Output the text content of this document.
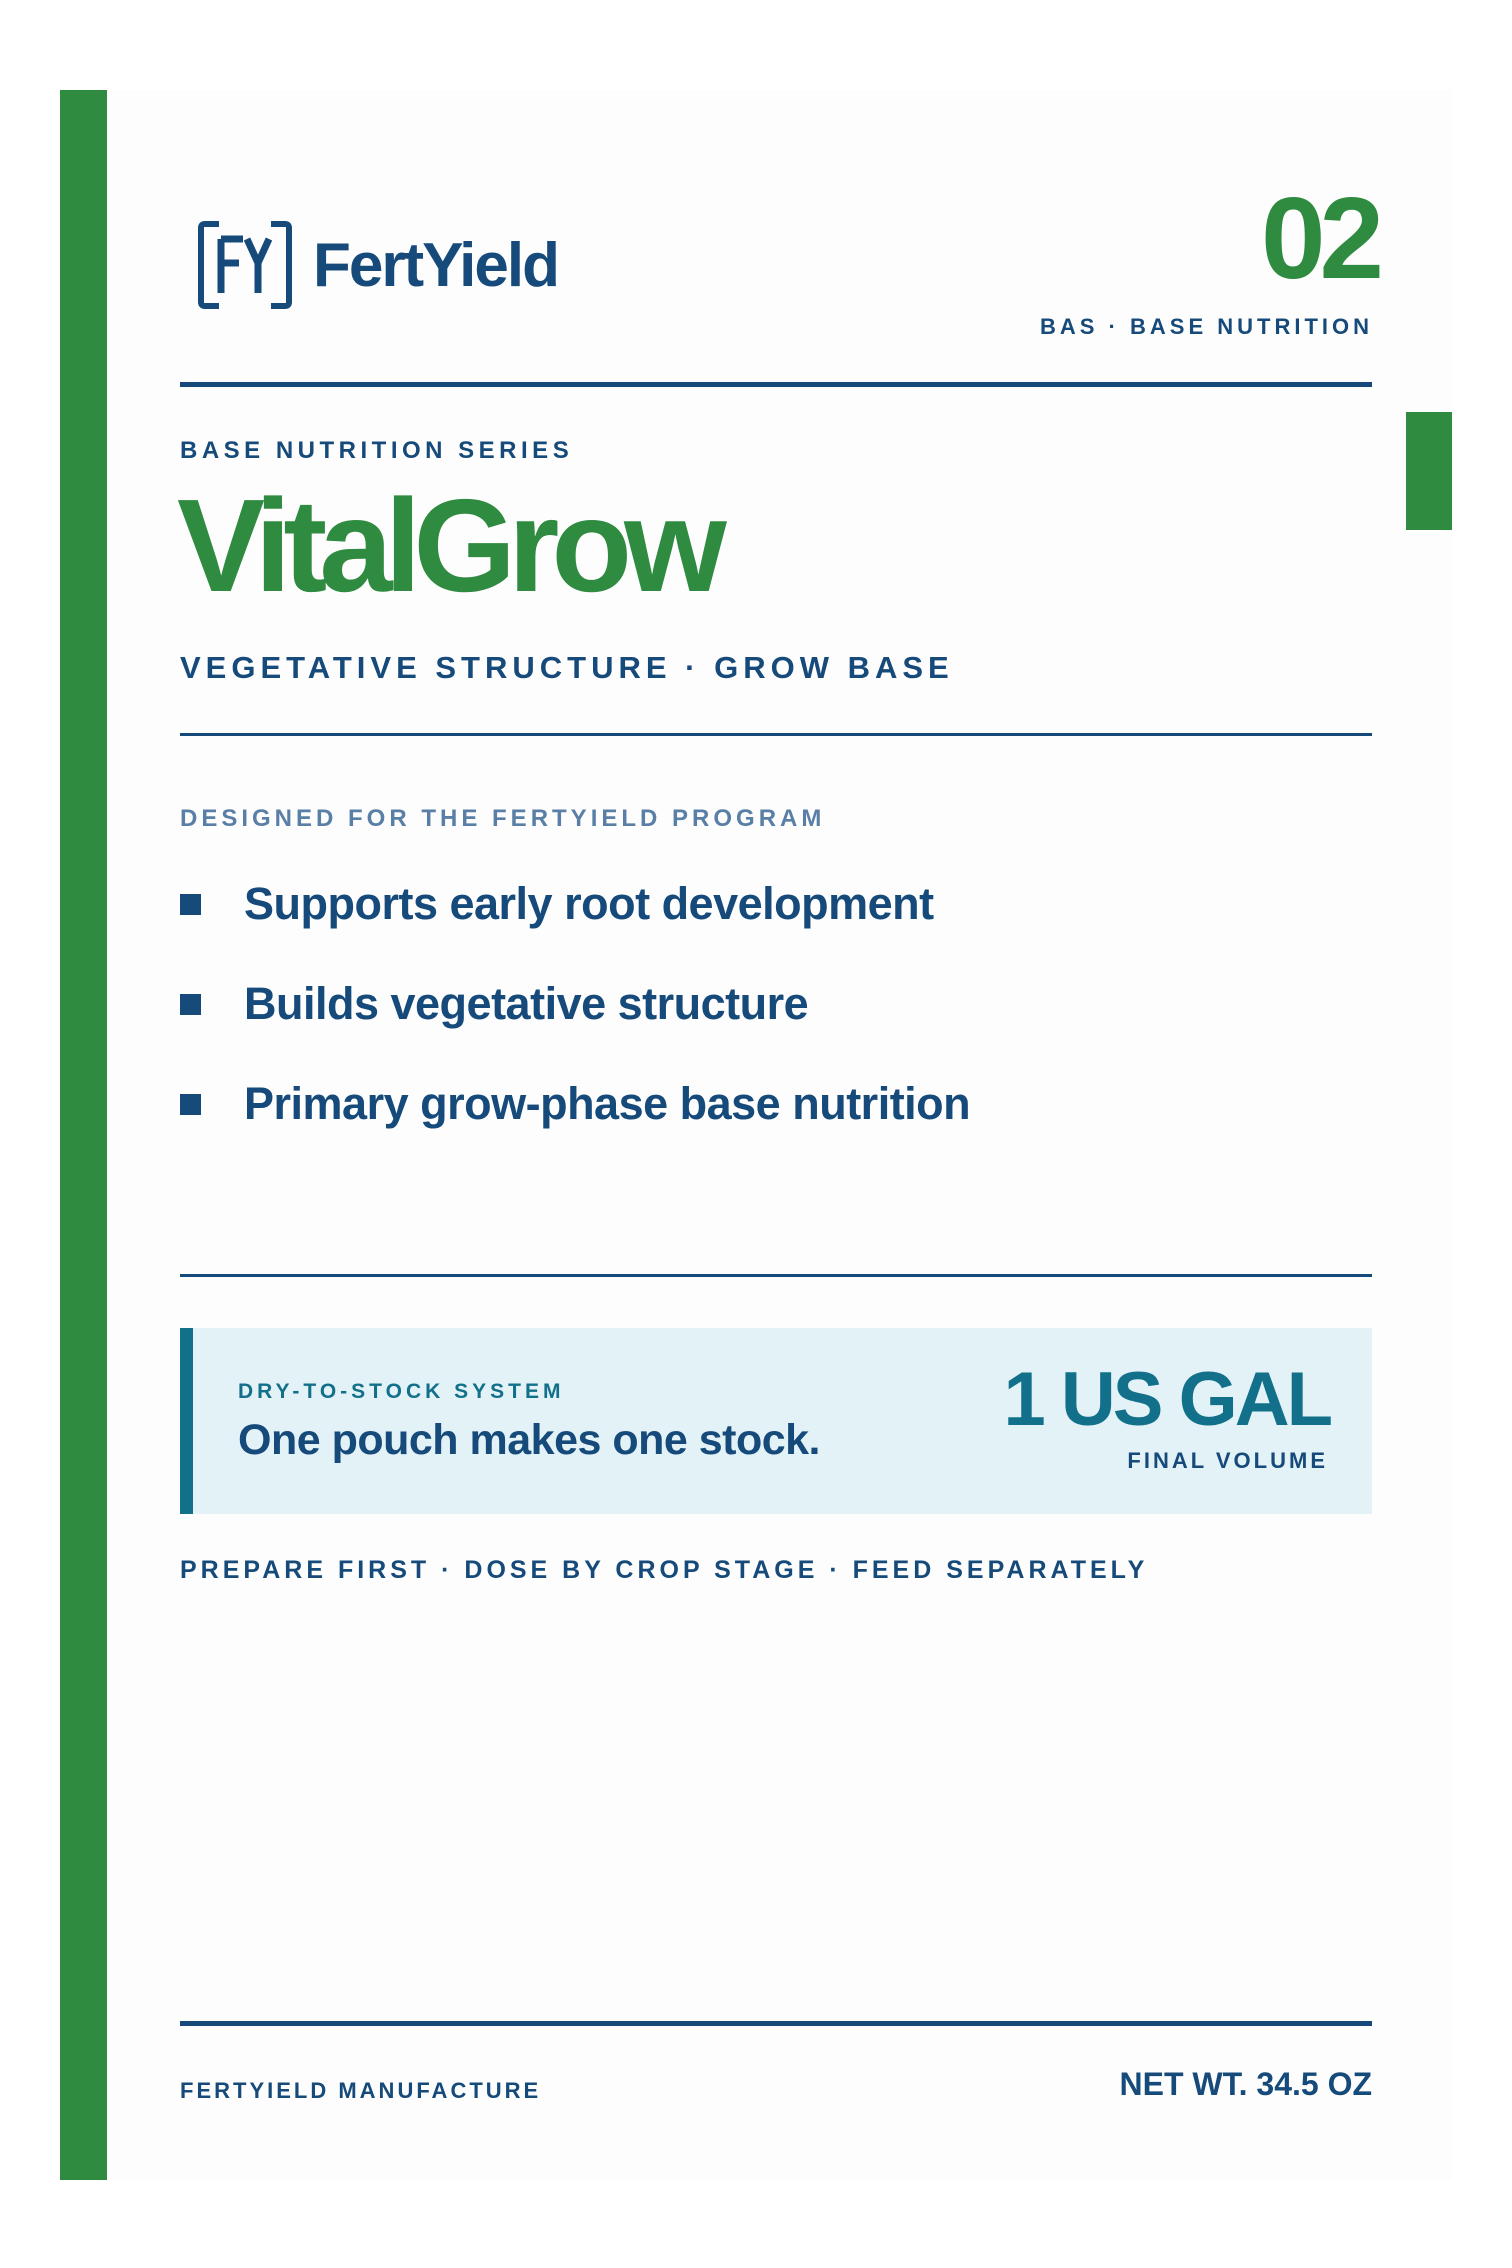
FertYield	02
BAS · BASE NUTRITION
BASE NUTRITION SERIES
VitalGrow
VEGETATIVE STRUCTURE · GROW BASE
DESIGNED FOR THE FERTYIELD PROGRAM
Supports early root development
Builds vegetative structure
Primary grow-phase base nutrition
DRY-TO-STOCK SYSTEM
One pouch makes one stock. 1 US GAL
FINAL VOLUME
PREPARE FIRST · DOSE BY CROP STAGE · FEED SEPARATELY
FERTYIELD MANUFACTURE	NET WT. 34.5 OZ
